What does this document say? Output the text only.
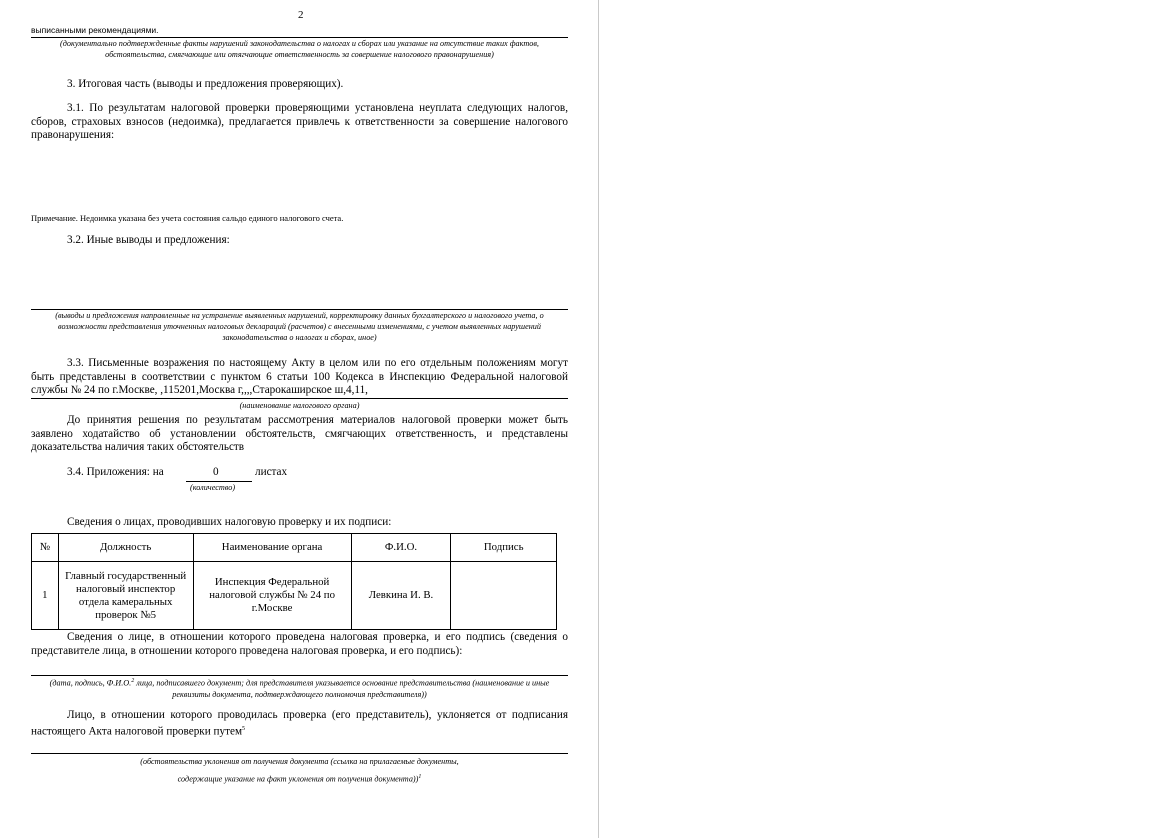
2
выписанными рекомендациями.
(документально подтвержденные факты нарушений законодательства о налогах и сборах или указание на отсутствие таких фактов, обстоятельства, смягчающие или отягчающие ответственность за совершение налогового правонарушения)
3. Итоговая часть (выводы и предложения проверяющих).
3.1. По результатам налоговой проверки проверяющими установлена неуплата следующих налогов, сборов, страховых взносов (недоимка), предлагается привлечь к ответственности за совершение налогового правонарушения:
Примечание. Недоимка указана без учета состояния сальдо единого налогового счета.
3.2. Иные выводы и предложения:
(выводы и предложения направленные на устранение выявленных нарушений, корректировку данных бухгалтерского и налогового учета, о возможности представления уточненных налоговых деклараций (расчетов) с внесенными изменениями, с учетом выявленных нарушений законодательства о налогах и сборах, иное)
3.3. Письменные возражения по настоящему Акту в целом или по его отдельным положениям могут быть представлены в соответствии с пунктом 6 статьи 100 Кодекса в Инспекцию Федеральной налоговой службы № 24 по г.Москве, ,115201,Москва г,,,,Старокаширское ш,4,11,
(наименование налогового органа)
До принятия решения по результатам рассмотрения материалов налоговой проверки может быть заявлено ходатайство об установлении обстоятельств, смягчающих ответственность, и представлены доказательства наличия таких обстоятельств
3.4. Приложения: на	0	листах
(количество)
Сведения о лицах, проводивших налоговую проверку и их подписи:
№	Должность	Наименование органа	Ф.И.О.	Подпись
1	Главный государственный налоговый инспектор отдела камеральных проверок №5	Инспекция Федеральной налоговой службы № 24 по г.Москве	Левкина И. В.	
Сведения о лице, в отношении которого проведена налоговая проверка, и его подпись (сведения о представителе лица, в отношении которого проведена налоговая проверка, и его подпись):
(дата, подпись, Ф.И.О.$^2$ лица, подписавшего документ; для представителя указывается основание представительства (наименование и иные реквизиты документа, подтверждающего полномочия представителя))
Лицо, в отношении которого проводилась проверка (его представитель), уклоняется от подписания настоящего Акта налоговой проверки путем$^5$
(обстоятельства уклонения от получения документа (ссылка на прилагаемые документы,
содержащие указание на факт уклонения от получения документа))$^1$
